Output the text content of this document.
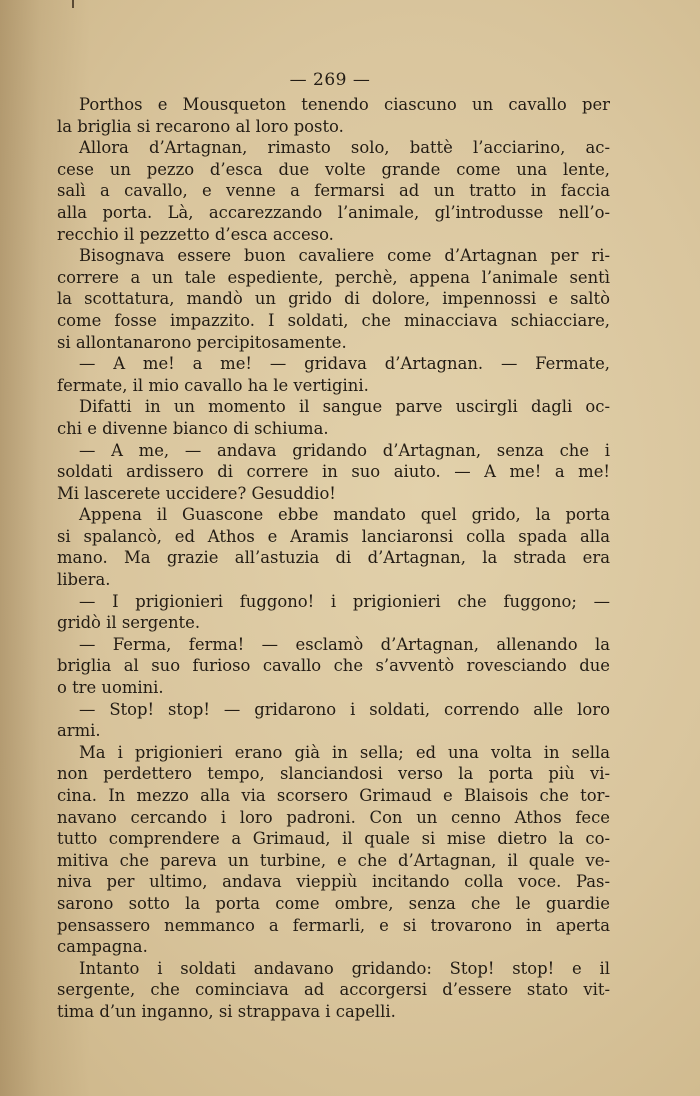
— 269 —
Porthos e Mousqueton tenendo ciascuno un cavallo per
la briglia si recarono al loro posto.
Allora d’Artagnan, rimasto solo, battè l’acciarino, ac-
cese un pezzo d’esca due volte grande come una lente,
salì a cavallo, e venne a fermarsi ad un tratto in faccia
alla porta. Là, accarezzando l’animale, gl’introdusse nell’o-
recchio il pezzetto d’esca acceso.
Bisognava essere buon cavaliere come d’Artagnan per ri-
correre a un tale espediente, perchè, appena l’animale sentì
la scottatura, mandò un grido di dolore, impennossi e saltò
come fosse impazzito. I soldati, che minacciava schiacciare,
si allontanarono percipitosamente.
— A me! a me! — gridava d’Artagnan. — Fermate,
fermate, il mio cavallo ha le vertigini.
Difatti in un momento il sangue parve uscirgli dagli oc-
chi e divenne bianco di schiuma.
— A me, — andava gridando d’Artagnan, senza che i
soldati ardissero di correre in suo aiuto. — A me! a me!
Mi lascerete uccidere? Gesuddio!
Appena il Guascone ebbe mandato quel grido, la porta
si spalancò, ed Athos e Aramis lanciaronsi colla spada alla
mano. Ma grazie all’astuzia di d’Artagnan, la strada era
libera.
— I prigionieri fuggono! i prigionieri che fuggono; —
gridò il sergente.
— Ferma, ferma! — esclamò d’Artagnan, allenando la
briglia al suo furioso cavallo che s’avventò rovesciando due
o tre uomini.
— Stop! stop! — gridarono i soldati, correndo alle loro
armi.
Ma i prigionieri erano già in sella; ed una volta in sella
non perdettero tempo, slanciandosi verso la porta più vi-
cina. In mezzo alla via scorsero Grimaud e Blaisois che tor-
navano cercando i loro padroni. Con un cenno Athos fece
tutto comprendere a Grimaud, il quale si mise dietro la co-
mitiva che pareva un turbine, e che d’Artagnan, il quale ve-
niva per ultimo, andava vieppiù incitando colla voce. Pas-
sarono sotto la porta come ombre, senza che le guardie
pensassero nemmanco a fermarli, e si trovarono in aperta
campagna.
Intanto i soldati andavano gridando: Stop! stop! e il
sergente, che cominciava ad accorgersi d’essere stato vit-
tima d’un inganno, si strappava i capelli.
